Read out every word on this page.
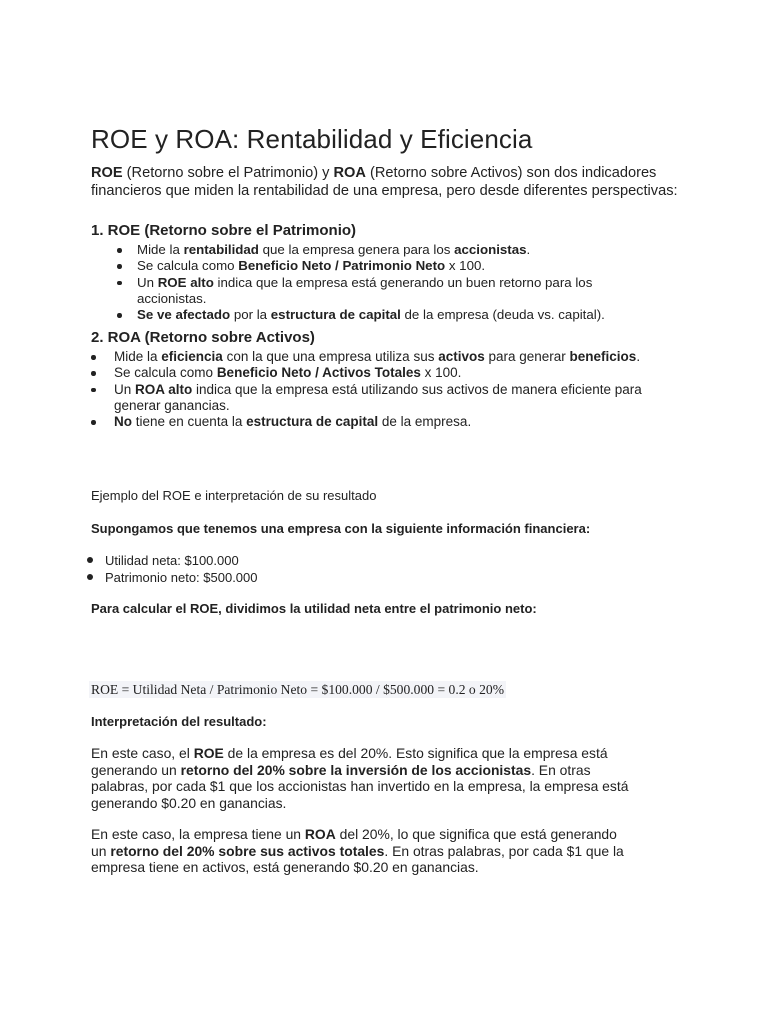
ROE y ROA: Rentabilidad y Eficiencia
ROE (Retorno sobre el Patrimonio) y ROA (Retorno sobre Activos) son dos indicadores financieros que miden la rentabilidad de una empresa, pero desde diferentes perspectivas:
1. ROE (Retorno sobre el Patrimonio)
Mide la rentabilidad que la empresa genera para los accionistas.
Se calcula como Beneficio Neto / Patrimonio Neto x 100.
Un ROE alto indica que la empresa está generando un buen retorno para los accionistas.
Se ve afectado por la estructura de capital de la empresa (deuda vs. capital).
2. ROA (Retorno sobre Activos)
Mide la eficiencia con la que una empresa utiliza sus activos para generar beneficios.
Se calcula como Beneficio Neto / Activos Totales x 100.
Un ROA alto indica que la empresa está utilizando sus activos de manera eficiente para generar ganancias.
No tiene en cuenta la estructura de capital de la empresa.
Ejemplo del ROE e interpretación de su resultado
Supongamos que tenemos una empresa con la siguiente información financiera:
Utilidad neta: $100.000
Patrimonio neto: $500.000
Para calcular el ROE, dividimos la utilidad neta entre el patrimonio neto:
ROE = Utilidad Neta / Patrimonio Neto = $100.000 / $500.000 = 0.2 o 20%
Interpretación del resultado:
En este caso, el ROE de la empresa es del 20%. Esto significa que la empresa está generando un retorno del 20% sobre la inversión de los accionistas. En otras palabras, por cada $1 que los accionistas han invertido en la empresa, la empresa está generando $0.20 en ganancias.
En este caso, la empresa tiene un ROA del 20%, lo que significa que está generando un retorno del 20% sobre sus activos totales. En otras palabras, por cada $1 que la empresa tiene en activos, está generando $0.20 en ganancias.
